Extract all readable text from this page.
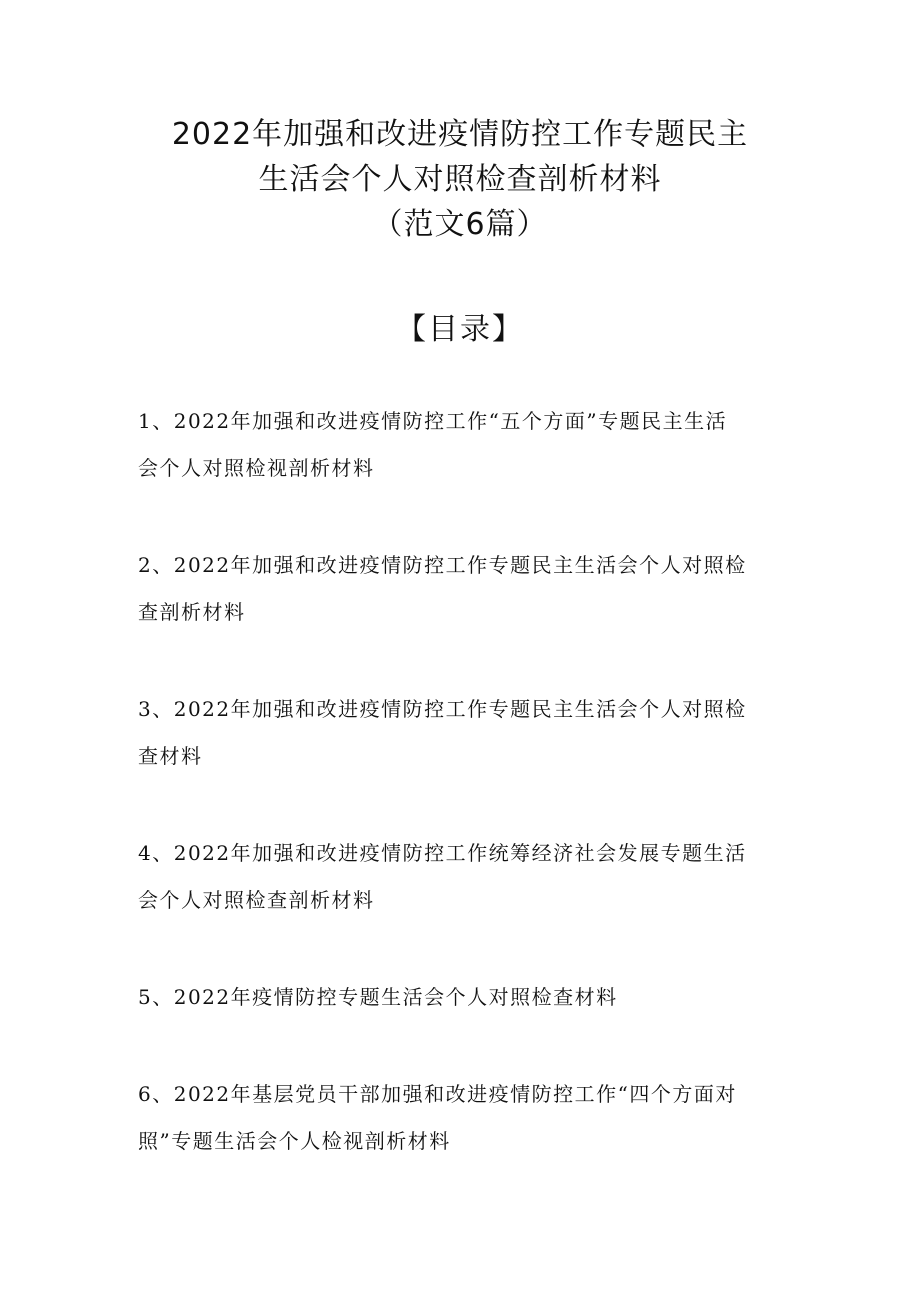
2022年加强和改进疫情防控工作专题民主
生活会个人对照检查剖析材料
（范文6篇）
【目录】
1、2022年加强和改进疫情防控工作“五个方面”专题民主生活
会个人对照检视剖析材料
2、2022年加强和改进疫情防控工作专题民主生活会个人对照检
查剖析材料
3、2022年加强和改进疫情防控工作专题民主生活会个人对照检
查材料
4、2022年加强和改进疫情防控工作统筹经济社会发展专题生活
会个人对照检查剖析材料
5、2022年疫情防控专题生活会个人对照检查材料
6、2022年基层党员干部加强和改进疫情防控工作“四个方面对
照”专题生活会个人检视剖析材料
